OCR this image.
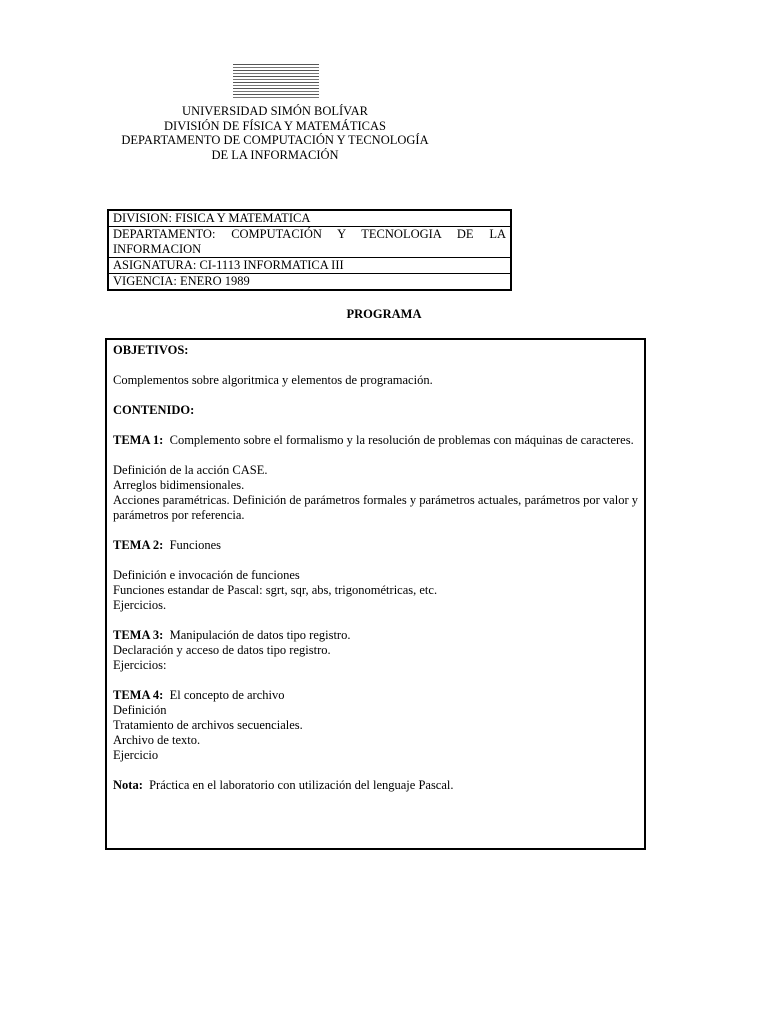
UNIVERSIDAD SIMÓN BOLÍVAR
DIVISIÓN DE FÍSICA Y MATEMÁTICAS
DEPARTAMENTO DE COMPUTACIÓN Y TECNOLOGÍA
DE LA INFORMACIÓN
DIVISION: FISICA Y MATEMATICA
DEPARTAMENTO: COMPUTACIÓN Y TECNOLOGIA DE LA INFORMACION
ASIGNATURA: CI-1113 INFORMATICA III
VIGENCIA: ENERO 1989
PROGRAMA

OBJETIVOS:

Complementos sobre algoritmica y elementos de programación.

CONTENIDO:

TEMA 1: Complemento sobre el formalismo y la resolución de problemas con máquinas de caracteres.

Definición de la acción CASE.

Arreglos bidimensionales.

Acciones paramétricas. Definición de parámetros formales y parámetros actuales, parámetros por valor y parámetros por referencia.

TEMA 2: Funciones

Definición e invocación de funciones

Funciones estandar de Pascal: sgrt, sqr, abs, trigonométricas, etc.

Ejercicios.

TEMA 3: Manipulación de datos tipo registro.

Declaración y acceso de datos tipo registro.

Ejercicios:

TEMA 4: El concepto de archivo

Definición

Tratamiento de archivos secuenciales.

Archivo de texto.

Ejercicio

Nota: Práctica en el laboratorio con utilización del lenguaje Pascal.
